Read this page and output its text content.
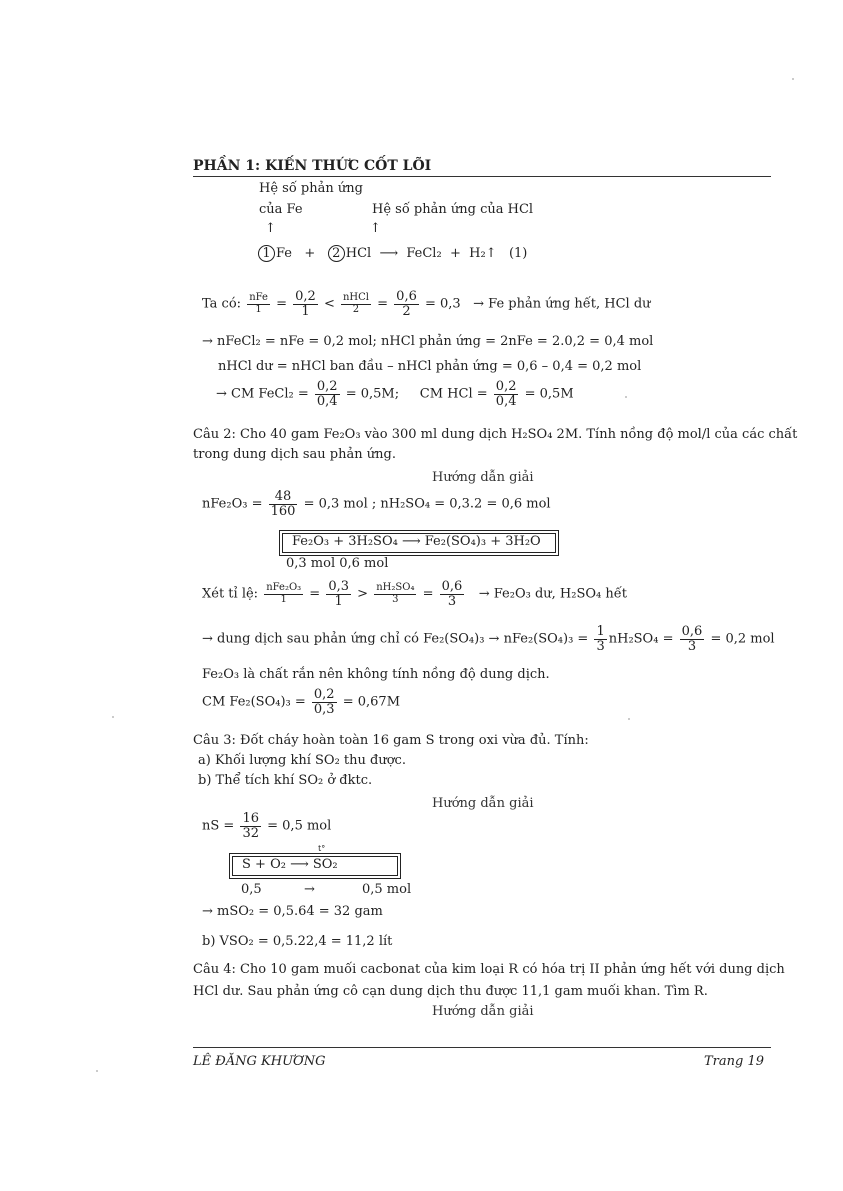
PHẦN 1: KIẾN THỨC CỐT LÕI
Hệ số phản ứng
của Fe	Hệ số phản ứng của HCl
↑	↑
1 Fe + 2 HCl ⟶ FeCl₂  +  H₂↑ (1)
Ta có: $\frac{\text{nFe}}{1} = \frac{0,2}{1} < \frac{\text{nHCl}}{2} = \frac{0,6}{2} = 0,3 \to Fe$ phản ứng hết, HCl dư
→ nFeCl₂ = nFe = 0,2 mol; nHCl phản ứng = 2nFe = 2.0,2 = 0,4 mol
nHCl dư = nHCl ban đầu – nHCl phản ứng = 0,6 – 0,4 = 0,2 mol
→ CM FeCl₂ = $\frac{0,2}{0,4} = 0,5M$; CM HCl = $\frac{0,2}{0,4} = 0,5M$
Câu 2: Cho 40 gam Fe₂O₃ vào 300 ml dung dịch H₂SO₄ 2M. Tính nồng độ mol/l của các chất
trong dung dịch sau phản ứng.
Hướng dẫn giải
$nFe_2O_3 = \frac{48}{160} = 0,3$ mol ; nH₂SO₄ = 0,3.2 = 0,6 mol
Fe₂O₃ + 3H₂SO₄ ⟶ Fe₂(SO₄)₃ + 3H₂O
0,3 mol 0,6 mol
Xét tỉ lệ: $\frac{\text{nFe₂O₃}}{1} = \frac{0,3}{1} > \frac{\text{nH₂SO₄}}{3} = \frac{0,6}{3} \to Fe_2O_3$ dư, H₂SO₄ hết
→ dung dịch sau phản ứng chỉ có $Fe_2(SO_4)_3 \to nFe_2(SO_4)_3 = \frac{1}{3} nH_2SO_4 = \frac{0,6}{3} = 0,2$ mol
Fe₂O₃ là chất rắn nên không tính nồng độ dung dịch.
CM $Fe_2(SO_4)_3 = \frac{0,2}{0,3} = 0,67M$
Câu 3: Đốt cháy hoàn toàn 16 gam S trong oxi vừa đủ. Tính:
a) Khối lượng khí SO₂ thu được.
b) Thể tích khí SO₂ ở đktc.
Hướng dẫn giải
nS = $\frac{16}{32} = 0,5$ mol
t°
S + O₂ ⟶ SO₂
0,5	→	0,5 mol
→ mSO₂ = 0,5.64 = 32 gam
b) VSO₂ = 0,5.22,4 = 11,2 lít
Câu 4: Cho 10 gam muối cacbonat của kim loại R có hóa trị II phản ứng hết với dung dịch
HCl dư. Sau phản ứng cô cạn dung dịch thu được 11,1 gam muối khan. Tìm R.
Hướng dẫn giải
LÊ ĐĂNG KHƯƠNG	Trang 19
